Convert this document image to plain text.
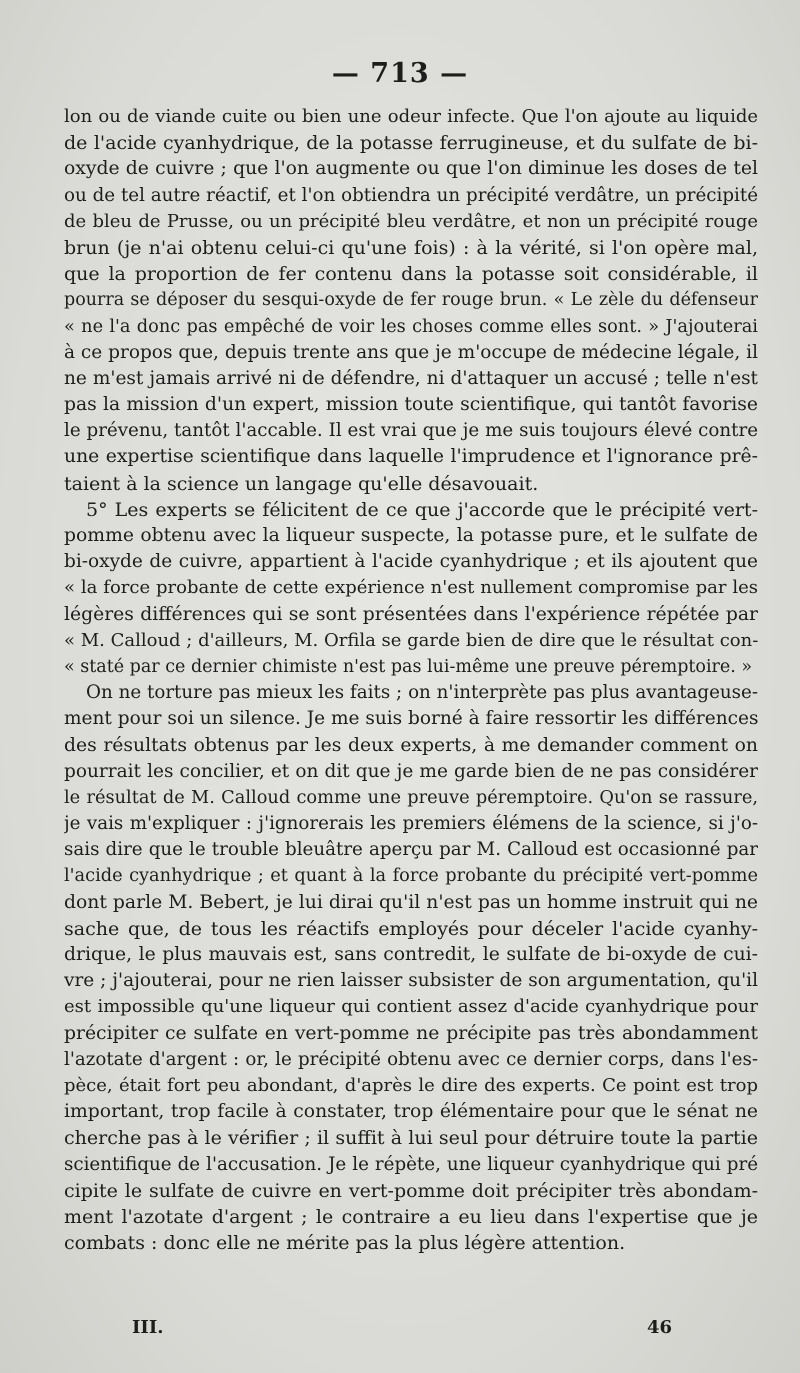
— 713 —
lon ou de viande cuite ou bien une odeur infecte. Que l'on ajoute au liquide
de l'acide cyanhydrique, de la potasse ferrugineuse, et du sulfate de bi-
oxyde de cuivre ; que l'on augmente ou que l'on diminue les doses de tel
ou de tel autre réactif, et l'on obtiendra un précipité verdâtre, un précipité
de bleu de Prusse, ou un précipité bleu verdâtre, et non un précipité rouge
brun (je n'ai obtenu celui-ci qu'une fois) : à la vérité, si l'on opère mal,
que la proportion de fer contenu dans la potasse soit considérable, il
pourra se déposer du sesqui-oxyde de fer rouge brun. « Le zèle du défenseur
« ne l'a donc pas empêché de voir les choses comme elles sont. » J'ajouterai
à ce propos que, depuis trente ans que je m'occupe de médecine légale, il
ne m'est jamais arrivé ni de défendre, ni d'attaquer un accusé ; telle n'est
pas la mission d'un expert, mission toute scientifique, qui tantôt favorise
le prévenu, tantôt l'accable. Il est vrai que je me suis toujours élevé contre
une expertise scientifique dans laquelle l'imprudence et l'ignorance prê-
taient à la science un langage qu'elle désavouait.
5° Les experts se félicitent de ce que j'accorde que le précipité vert-
pomme obtenu avec la liqueur suspecte, la potasse pure, et le sulfate de
bi-oxyde de cuivre, appartient à l'acide cyanhydrique ; et ils ajoutent que
« la force probante de cette expérience n'est nullement compromise par les
légères différences qui se sont présentées dans l'expérience répétée par
« M. Calloud ; d'ailleurs, M. Orfila se garde bien de dire que le résultat con-
« staté par ce dernier chimiste n'est pas lui-même une preuve péremptoire. »
On ne torture pas mieux les faits ; on n'interprète pas plus avantageuse-
ment pour soi un silence. Je me suis borné à faire ressortir les différences
des résultats obtenus par les deux experts, à me demander comment on
pourrait les concilier, et on dit que je me garde bien de ne pas considérer
le résultat de M. Calloud comme une preuve péremptoire. Qu'on se rassure,
je vais m'expliquer : j'ignorerais les premiers élémens de la science, si j'o-
sais dire que le trouble bleuâtre aperçu par M. Calloud est occasionné par
l'acide cyanhydrique ; et quant à la force probante du précipité vert-pomme
dont parle M. Bebert, je lui dirai qu'il n'est pas un homme instruit qui ne
sache que, de tous les réactifs employés pour déceler l'acide cyanhy-
drique, le plus mauvais est, sans contredit, le sulfate de bi-oxyde de cui-
vre ; j'ajouterai, pour ne rien laisser subsister de son argumentation, qu'il
est impossible qu'une liqueur qui contient assez d'acide cyanhydrique pour
précipiter ce sulfate en vert-pomme ne précipite pas très abondamment
l'azotate d'argent : or, le précipité obtenu avec ce dernier corps, dans l'es-
pèce, était fort peu abondant, d'après le dire des experts. Ce point est trop
important, trop facile à constater, trop élémentaire pour que le sénat ne
cherche pas à le vérifier ; il suffit à lui seul pour détruire toute la partie
scientifique de l'accusation. Je le répète, une liqueur cyanhydrique qui pré
cipite le sulfate de cuivre en vert-pomme doit précipiter très abondam-
ment l'azotate d'argent ; le contraire a eu lieu dans l'expertise que je
combats : donc elle ne mérite pas la plus légère attention.
III.	46
